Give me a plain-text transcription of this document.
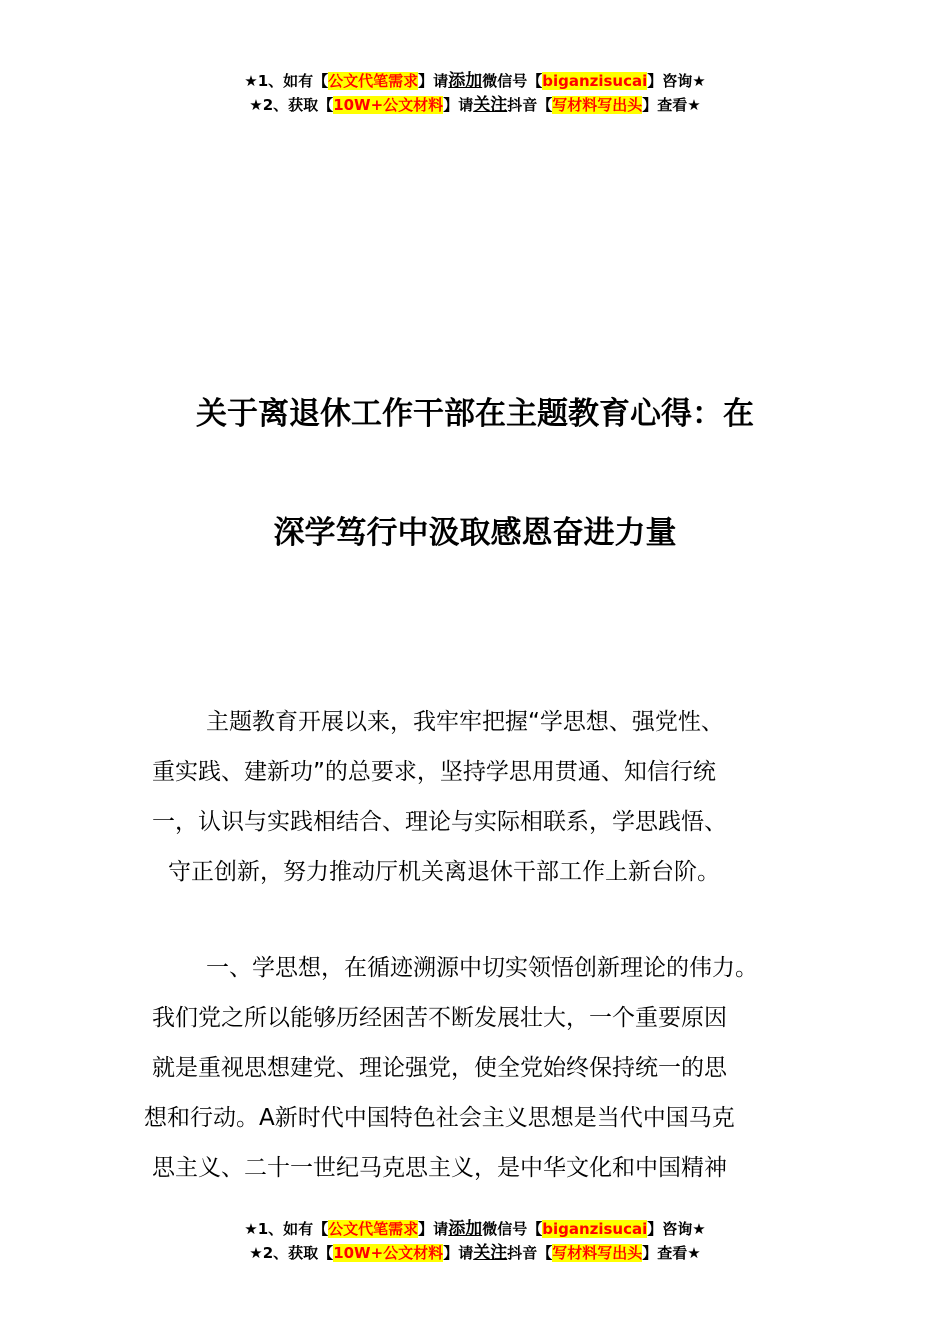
★1、如有【公文代笔需求】请添加微信号【biganzisucai】咨询★
★2、获取【10W+公文材料】请关注抖音【写材料写出头】查看★
关于离退休工作干部在主题教育心得：在
深学笃行中汲取感恩奋进力量
主题教育开展以来，我牢牢把握“学思想、强党性、
重实践、建新功”的总要求，坚持学思用贯通、知信行统
一，认识与实践相结合、理论与实际相联系，学思践悟、
守正创新，努力推动厅机关离退休干部工作上新台阶。
一、学思想，在循迹溯源中切实领悟创新理论的伟力。
我们党之所以能够历经困苦不断发展壮大，一个重要原因
就是重视思想建党、理论强党，使全党始终保持统一的思
想和行动。A新时代中国特色社会主义思想是当代中国马克
思主义、二十一世纪马克思主义，是中华文化和中国精神
★1、如有【公文代笔需求】请添加微信号【biganzisucai】咨询★
★2、获取【10W+公文材料】请关注抖音【写材料写出头】查看★
